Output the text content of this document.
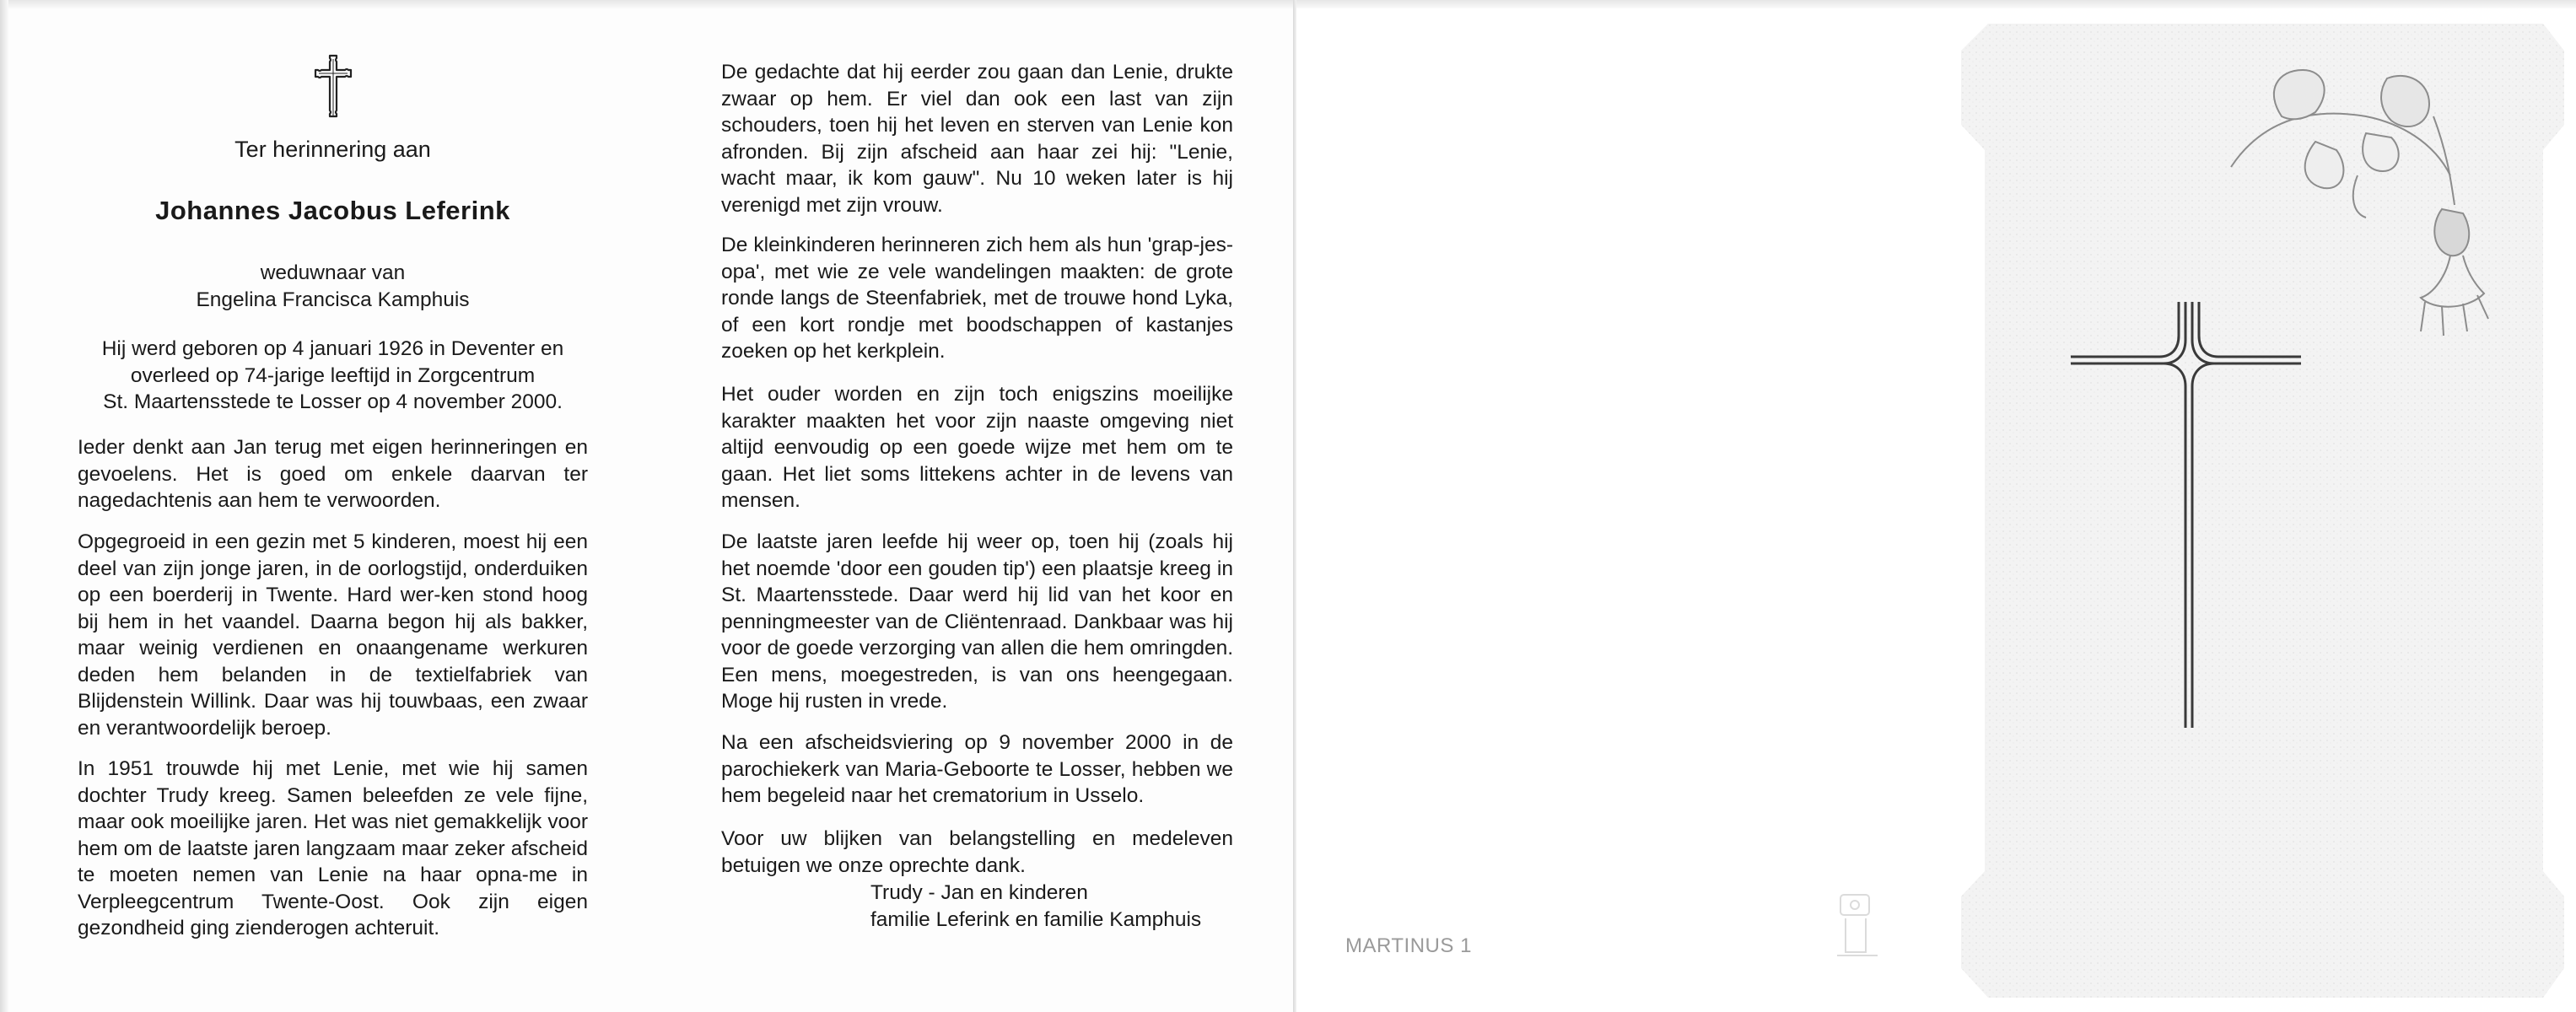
Ter herinnering aan
Johannes Jacobus Leferink
weduwnaar van
Engelina Francisca Kamphuis
Hij werd geboren op 4 januari 1926 in Deventer en
overleed op 74-jarige leeftijd in Zorgcentrum
St. Maartensstede te Losser op 4 november 2000.

Ieder denkt aan Jan terug met eigen herinneringen en gevoelens. Het is goed om enkele daarvan ter nagedachtenis aan hem te verwoorden.

Opgegroeid in een gezin met 5 kinderen, moest hij een deel van zijn jonge jaren, in de oorlogstijd, onderduiken op een boerderij in Twente. Hard wer-ken stond hoog bij hem in het vaandel. Daarna begon hij als bakker, maar weinig verdienen en onaangename werkuren deden hem belanden in de textielfabriek van Blijdenstein Willink. Daar was hij touwbaas, een zwaar en verantwoordelijk beroep.

In 1951 trouwde hij met Lenie, met wie hij samen dochter Trudy kreeg. Samen beleefden ze vele fijne, maar ook moeilijke jaren. Het was niet gemakkelijk voor hem om de laatste jaren langzaam maar zeker afscheid te moeten nemen van Lenie na haar opna-me in Verpleegcentrum Twente-Oost. Ook zijn eigen gezondheid ging zienderogen achteruit.

De gedachte dat hij eerder zou gaan dan Lenie, drukte zwaar op hem. Er viel dan ook een last van zijn schouders, toen hij het leven en sterven van Lenie kon afronden. Bij zijn afscheid aan haar zei hij: "Lenie, wacht maar, ik kom gauw". Nu 10 weken later is hij verenigd met zijn vrouw.

De kleinkinderen herinneren zich hem als hun 'grap-jes-opa', met wie ze vele wandelingen maakten: de grote ronde langs de Steenfabriek, met de trouwe hond Lyka, of een kort rondje met boodschappen of kastanjes zoeken op het kerkplein.

Het ouder worden en zijn toch enigszins moeilijke karakter maakten het voor zijn naaste omgeving niet altijd eenvoudig op een goede wijze met hem om te gaan. Het liet soms littekens achter in de levens van mensen.

De laatste jaren leefde hij weer op, toen hij (zoals hij het noemde 'door een gouden tip') een plaatsje kreeg in St. Maartensstede. Daar werd hij lid van het koor en penningmeester van de Cliëntenraad. Dankbaar was hij voor de goede verzorging van allen die hem omringden. Een mens, moegestreden, is van ons heengegaan. Moge hij rusten in vrede.

Na een afscheidsviering op 9 november 2000 in de parochiekerk van Maria-Geboorte te Losser, hebben we hem begeleid naar het crematorium in Usselo.

Voor uw blijken van belangstelling en medeleven betuigen we onze oprechte dank.

Trudy - Jan en kinderen
familie Leferink en familie Kamphuis
MARTINUS 1
